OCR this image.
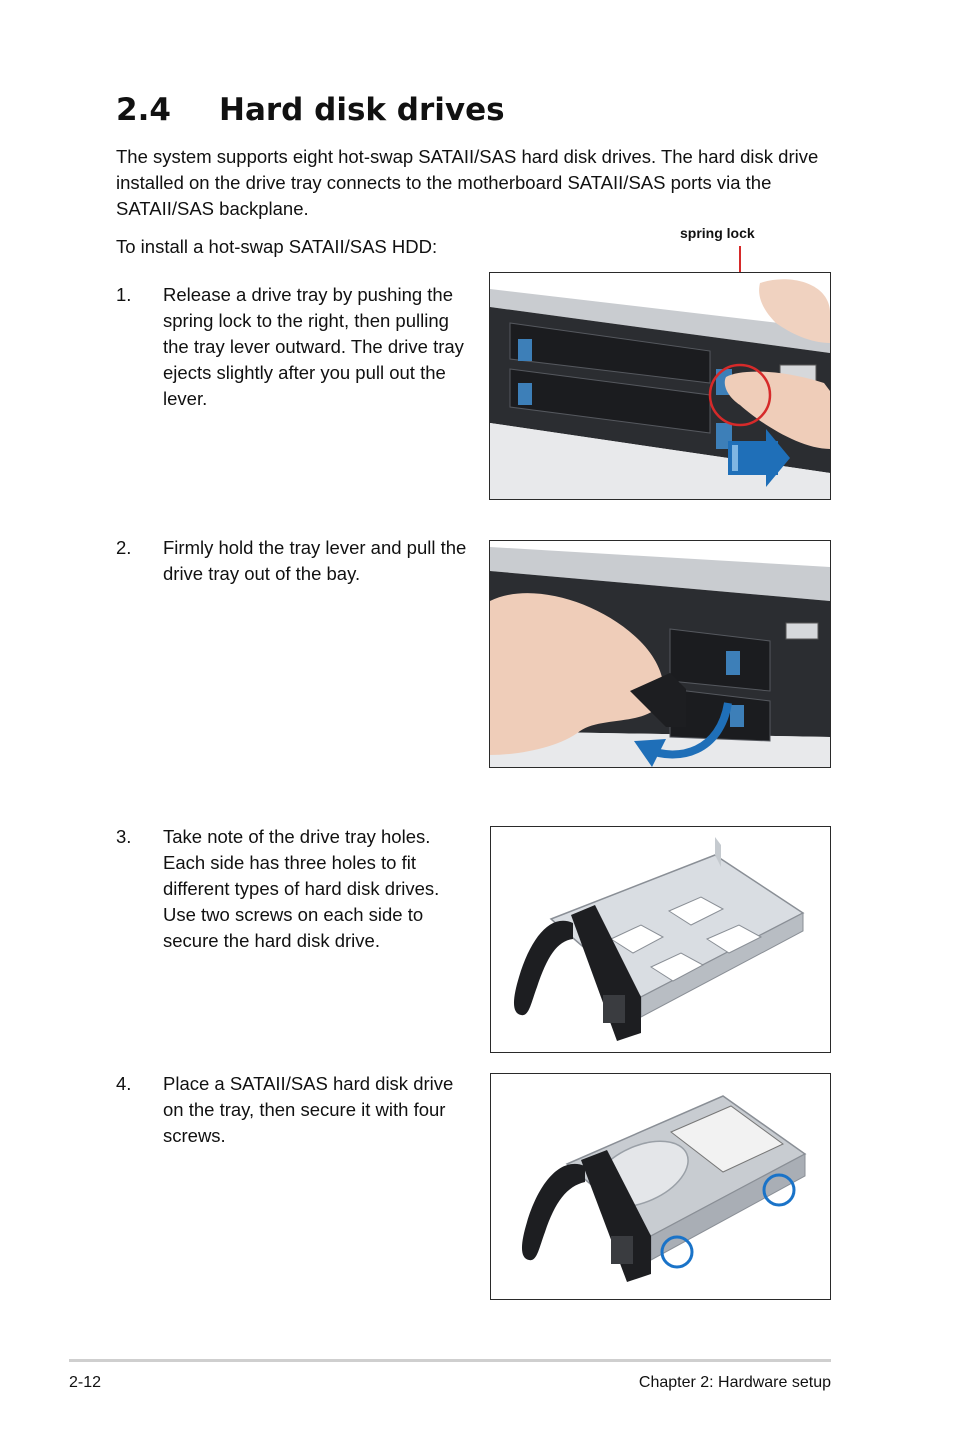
2.4 Hard disk drives

The system supports eight hot-swap SATAII/SAS hard disk drives. The hard disk drive installed on the drive tray connects to the motherboard SATAII/SAS ports via the SATAII/SAS backplane.

To install a hot-swap SATAII/SAS HDD:

1. Release a drive tray by pushing the spring lock to the right, then pulling the tray lever outward. The drive tray ejects slightly after you pull out the lever.
spring lock
2. Firmly hold the tray lever and pull the drive tray out of the bay.
3. Take note of the drive tray holes. Each side has three holes to fit different types of hard disk drives. Use two screws on each side to secure the hard disk drive.
4. Place a SATAII/SAS hard disk drive on the tray, then secure it with four screws.
2-12	Chapter 2: Hardware setup
